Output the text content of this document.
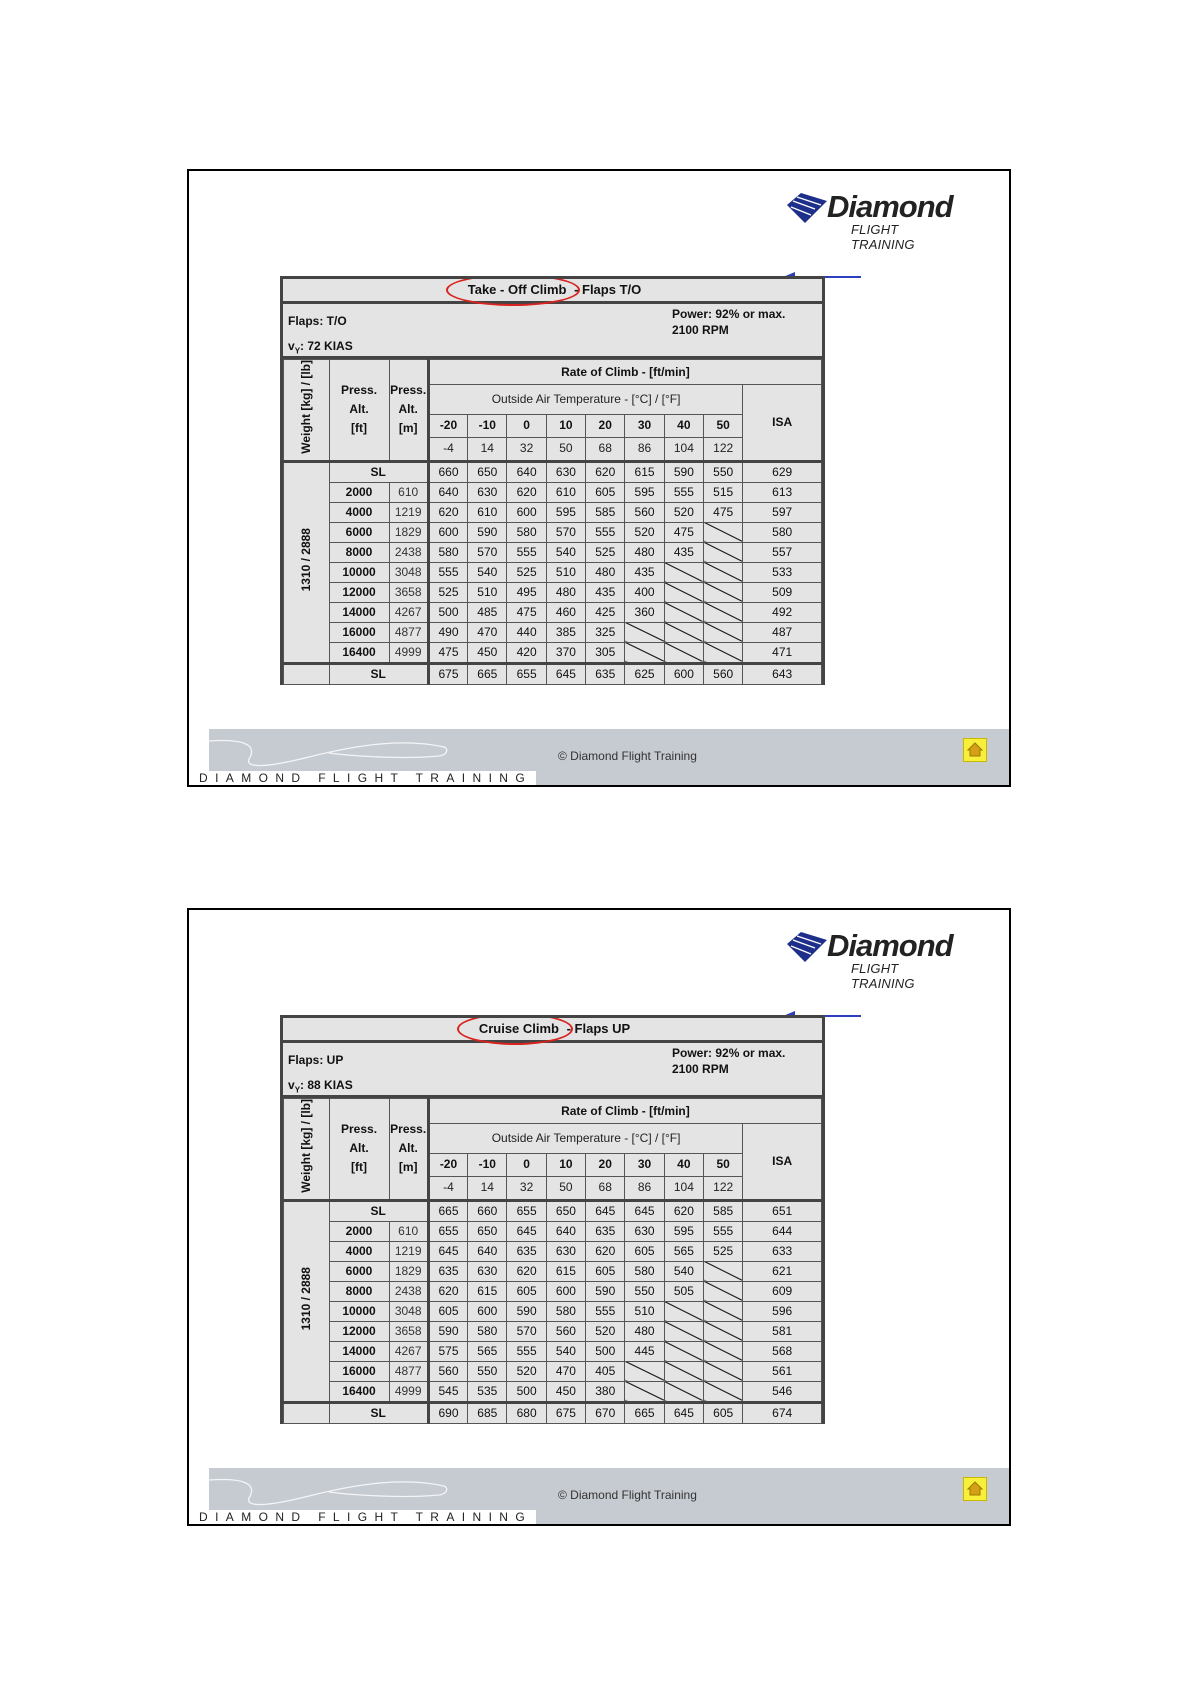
Diamond
FLIGHT TRAINING
Take - Off Climb - Flaps T/O
Flaps: T/O
$v_Y$: 72 KIAS
Power: 92% or max.
2100 RPM
Weight [kg] / [lb]	Press.
Alt.
[ft]	Press.
Alt.
[m]	Rate of Climb - [ft/min]								
			Outside Air Temperature - [°C] / [°F]								ISA
			-20	-10	0	10	20	30	40	50	
			-4	14	32	50	68	86	104	122	
1310 / 2888	SL		660	650	640	630	620	615	590	550	629
	2000	610	640	630	620	610	605	595	555	515	613
	4000	1219	620	610	600	595	585	560	520	475	597
	6000	1829	600	590	580	570	555	520	475		580
	8000	2438	580	570	555	540	525	480	435		557
	10000	3048	555	540	525	510	480	435			533
	12000	3658	525	510	495	480	435	400			509
	14000	4267	500	485	475	460	425	360			492
	16000	4877	490	470	440	385	325				487
	16400	4999	475	450	420	370	305				471
	SL		675	665	655	645	635	625	600	560	643
© Diamond Flight Training
DIAMOND FLIGHT TRAINING
Diamond
FLIGHT TRAINING
Cruise Climb - Flaps UP
Flaps: UP
$v_Y$: 88 KIAS
Power: 92% or max.
2100 RPM
Weight [kg] / [lb]	Press.
Alt.
[ft]	Press.
Alt.
[m]	Rate of Climb - [ft/min]								
			Outside Air Temperature - [°C] / [°F]								ISA
			-20	-10	0	10	20	30	40	50	
			-4	14	32	50	68	86	104	122	
1310 / 2888	SL		665	660	655	650	645	645	620	585	651
	2000	610	655	650	645	640	635	630	595	555	644
	4000	1219	645	640	635	630	620	605	565	525	633
	6000	1829	635	630	620	615	605	580	540		621
	8000	2438	620	615	605	600	590	550	505		609
	10000	3048	605	600	590	580	555	510			596
	12000	3658	590	580	570	560	520	480			581
	14000	4267	575	565	555	540	500	445			568
	16000	4877	560	550	520	470	405				561
	16400	4999	545	535	500	450	380				546
	SL		690	685	680	675	670	665	645	605	674
© Diamond Flight Training
DIAMOND FLIGHT TRAINING
